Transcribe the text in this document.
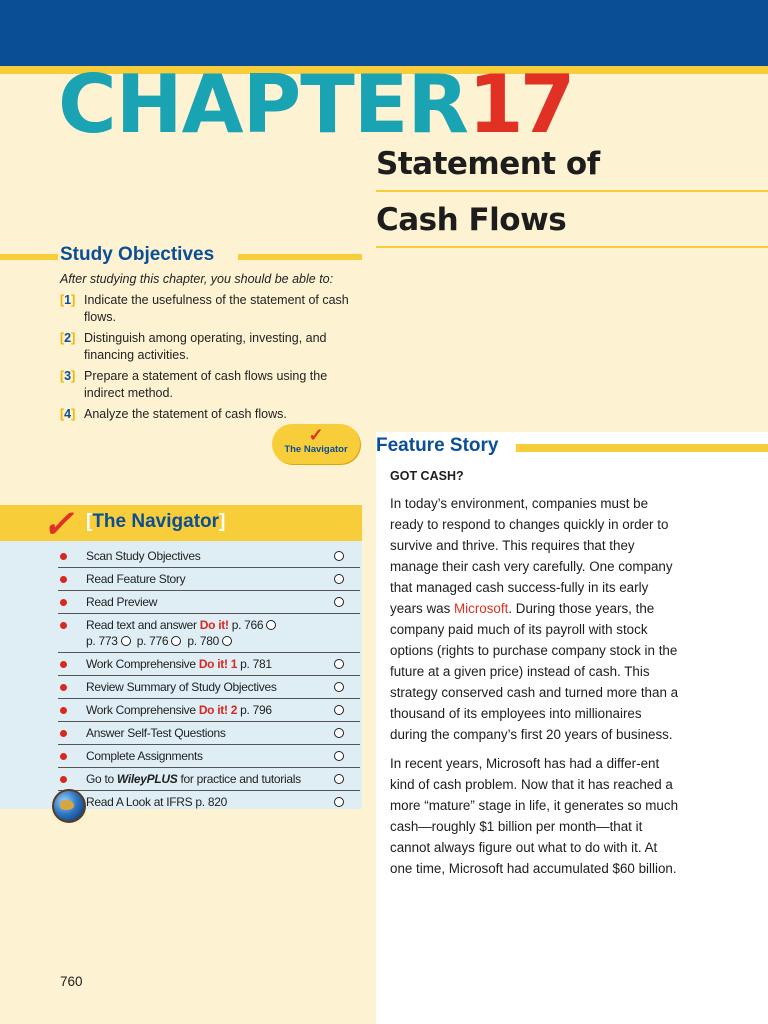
CHAPTER17
Statement of
Cash Flows
Study Objectives
After studying this chapter, you should be able to:
[1] Indicate the usefulness of the statement of cash flows.
[2] Distinguish among operating, investing, and financing activities.
[3] Prepare a statement of cash flows using the indirect method.
[4] Analyze the statement of cash flows.
✓
The Navigator	Feature Story
✓ [The Navigator]
Scan Study Objectives
Read Feature Story
Read Preview
Read text and answer Do it! p. 766
p. 773 p. 776 p. 780
Work Comprehensive Do it! 1 p. 781
Review Summary of Study Objectives
Work Comprehensive Do it! 2 p. 796
Answer Self-Test Questions
Complete Assignments
Go to WileyPLUS for practice and tutorials
Read A Look at IFRS p. 820
GOT CASH?

In today’s environment, companies must be ready to respond to changes quickly in order to survive and thrive. This requires that they manage their cash very carefully. One company that managed cash success-fully in its early years was Microsoft. During those years, the company paid much of its payroll with stock options (rights to purchase company stock in the future at a given price) instead of cash. This strategy conserved cash and turned more than a thousand of its employees into millionaires during the company’s first 20 years of business.

In recent years, Microsoft has had a differ-ent kind of cash problem. Now that it has reached a more “mature” stage in life, it generates so much cash—roughly $1 billion per month—that it cannot always figure out what to do with it. At one time, Microsoft had accumulated $60 billion.

760
